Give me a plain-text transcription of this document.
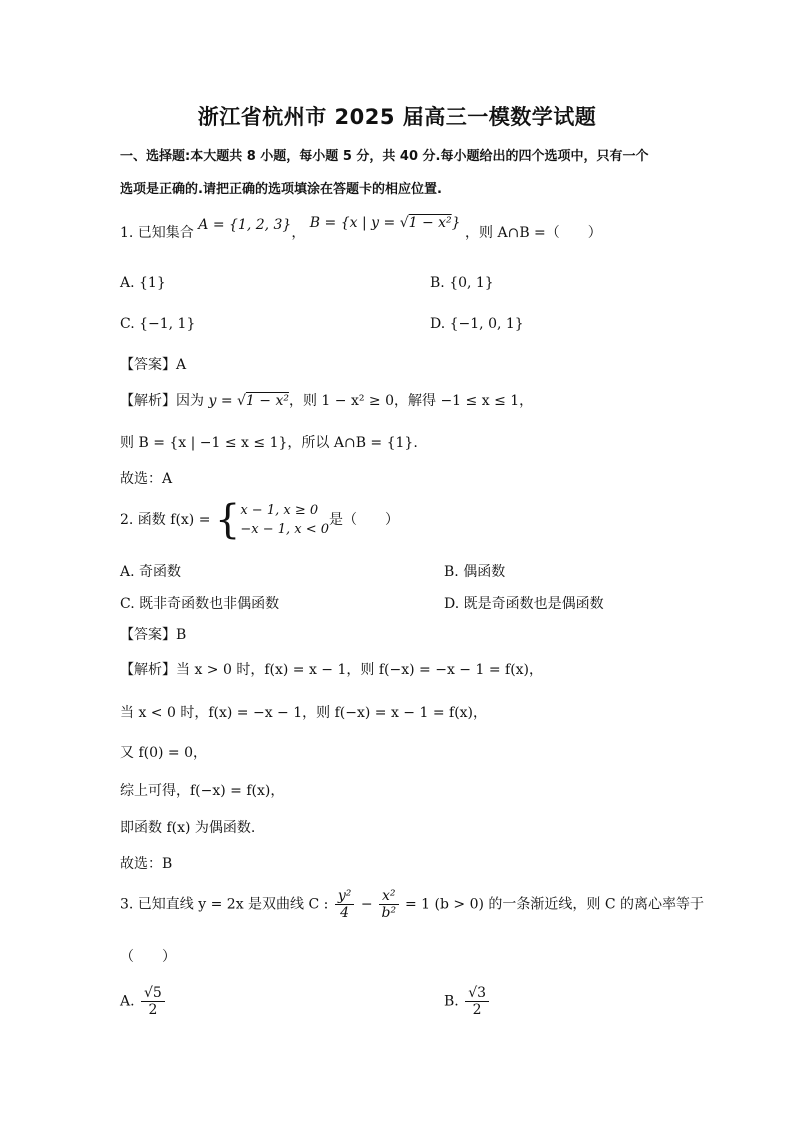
浙江省杭州市 2025 届高三一模数学试题
一、选择题:本大题共 8 小题，每小题 5 分，共 40 分.每小题给出的四个选项中，只有一个
选项是正确的.请把正确的选项填涂在答题卡的相应位置.
1. 已知集合 A = {1, 2, 3}， B = {x | y = √1 − x²} ，则 A∩B =（　　）
A. {1}	B. {0, 1}
C. {−1, 1}	D. {−1, 0, 1}
【答案】A
【解析】因为 y = √1 − x²，则 1 − x² ≥ 0，解得 −1 ≤ x ≤ 1，
则 B = {x | −1 ≤ x ≤ 1}，所以 A∩B = {1}.
故选：A
2. 函数 f(x) = { x − 1, x ≥ 0
−x − 1, x < 0
是（　　）
A. 奇函数	B. 偶函数
C. 既非奇函数也非偶函数	D. 既是奇函数也是偶函数
【答案】B
【解析】当 x > 0 时，f(x) = x − 1，则 f(−x) = −x − 1 = f(x)，
当 x < 0 时，f(x) = −x − 1，则 f(−x) = x − 1 = f(x)，
又 f(0) = 0，
综上可得，f(−x) = f(x)，
即函数 f(x) 为偶函数.
故选：B
3. 已知直线 y = 2x 是双曲线 C : $\frac{\text{y²}}{4} - \frac{\text{x²}}{\text{b²}} = 1$ (b > 0) 的一条渐近线，则 C 的离心率等于
（　　）
A. $\frac{√5}{2}$	B. $\frac{√3}{2}$
